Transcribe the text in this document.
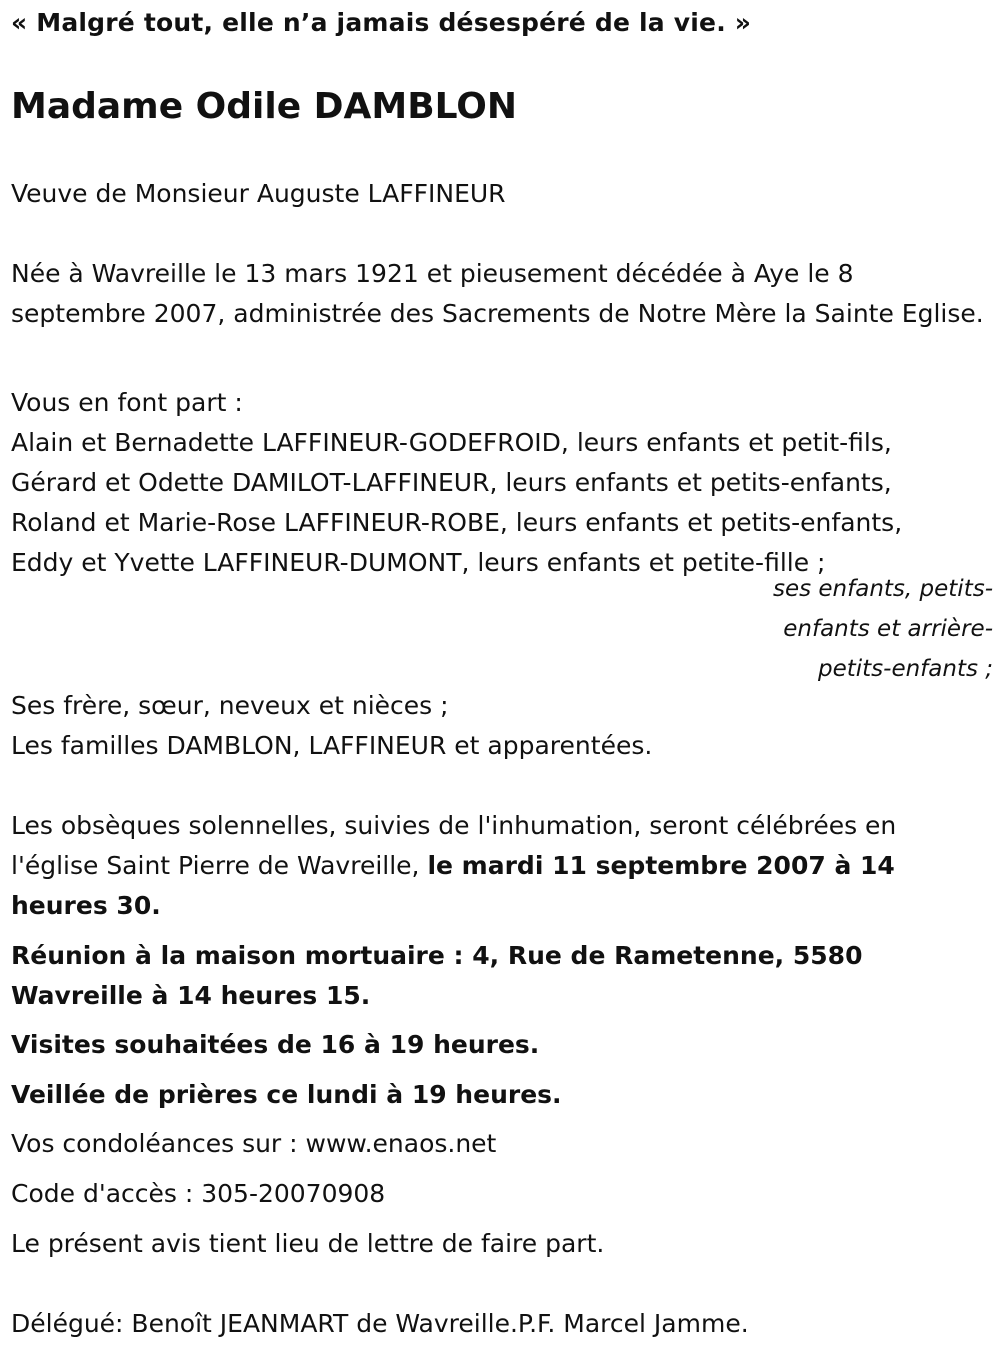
« Malgré tout, elle n’a jamais désespéré de la vie. »
Madame Odile DAMBLON
Veuve de Monsieur Auguste LAFFINEUR
Née à Wavreille le 13 mars 1921 et pieusement décédée à Aye le 8 septembre 2007, administrée des Sacrements de Notre Mère la Sainte Eglise.
Vous en font part :
Alain et Bernadette LAFFINEUR-GODEFROID, leurs enfants et petit-fils,
Gérard et Odette DAMILOT-LAFFINEUR, leurs enfants et petits-enfants,
Roland et Marie-Rose LAFFINEUR-ROBE, leurs enfants et petits-enfants,
Eddy et Yvette LAFFINEUR-DUMONT, leurs enfants et petite-fille ;
ses enfants, petits-
enfants et arrière-
petits-enfants ;
Ses frère, sœur, neveux et nièces ;
Les familles DAMBLON, LAFFINEUR et apparentées.
Les obsèques solennelles, suivies de l'inhumation, seront célébrées en l'église Saint Pierre de Wavreille, le mardi 11 septembre 2007 à 14 heures 30.
Réunion à la maison mortuaire : 4, Rue de Rametenne, 5580 Wavreille à 14 heures 15.
Visites souhaitées de 16 à 19 heures.
Veillée de prières ce lundi à 19 heures.
Vos condoléances sur : www.enaos.net
Code d'accès : 305-20070908
Le présent avis tient lieu de lettre de faire part.
Délégué: Benoît JEANMART de Wavreille.P.F. Marcel Jamme.
